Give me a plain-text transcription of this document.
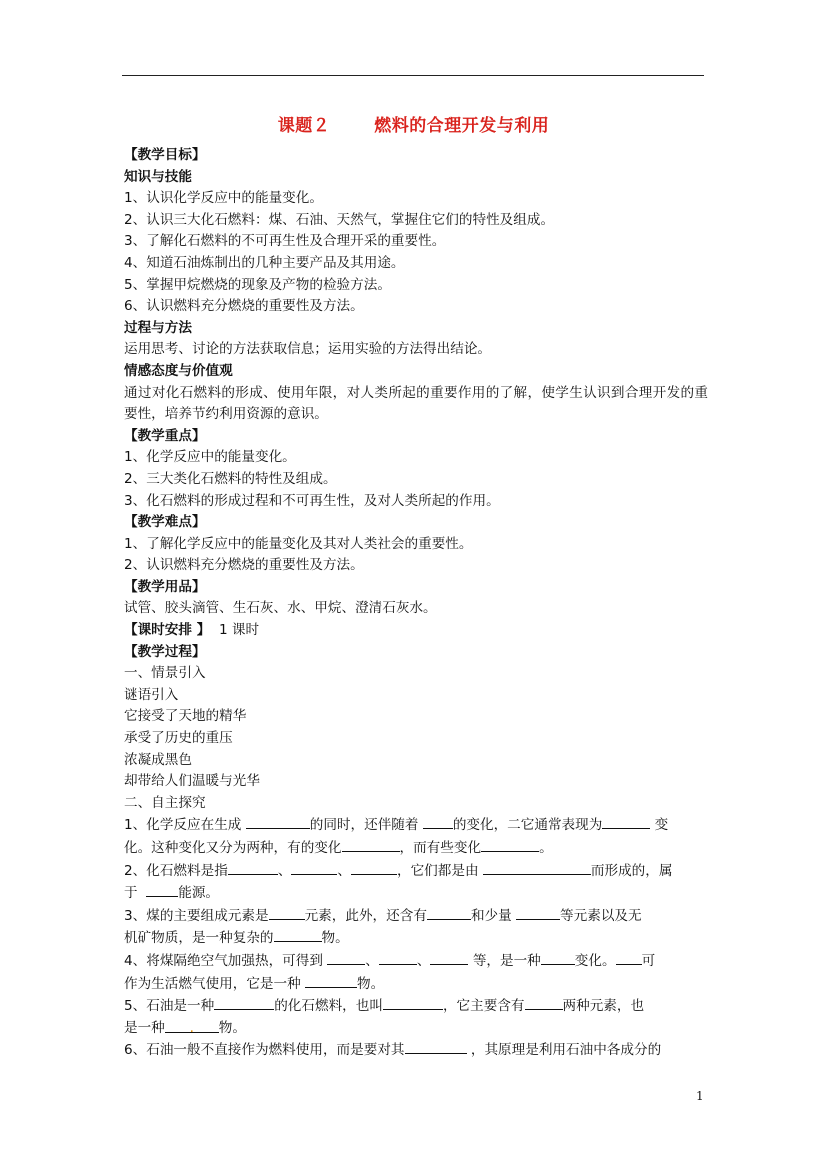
课题２	燃料的合理开发与利用
【教学目标】
知识与技能
1、认识化学反应中的能量变化。
2、认识三大化石燃料：煤、石油、天然气，掌握住它们的特性及组成。
3、了解化石燃料的不可再生性及合理开采的重要性。
4、知道石油炼制出的几种主要产品及其用途。
5、掌握甲烷燃烧的现象及产物的检验方法。
6、认识燃料充分燃烧的重要性及方法。
过程与方法
运用思考、讨论的方法获取信息；运用实验的方法得出结论。
情感态度与价值观
通过对化石燃料的形成、使用年限，对人类所起的重要作用的了解，使学生认识到合理开发的重要性，培养节约利用资源的意识。
【教学重点】
1、化学反应中的能量变化。
2、三大类化石燃料的特性及组成。
3、化石燃料的形成过程和不可再生性，及对人类所起的作用。
【教学难点】
1、了解化学反应中的能量变化及其对人类社会的重要性。
2、认识燃料充分燃烧的重要性及方法。
【教学用品】
试管、胶头滴管、生石灰、水、甲烷、澄清石灰水。
【课时安排 】 1 课时
【教学过程】
一、情景引入
谜语引入
它接受了天地的精华
承受了历史的重压
浓凝成黑色
却带给人们温暖与光华
二、自主探究
1、化学反应在生成	的同时，还伴随着	的变化，二它通常表现为	变
化。这种变化又分为两种，有的变化	，而有些变化	。
2、化石燃料是指	、	、	，它们都是由	而形成的，属
于	能源。
3、煤的主要组成元素是	元素，此外，还含有	和少量	等元素以及无
机矿物质，是一种复杂的	物。
4、将煤隔绝空气加强热，可得到	、	、	等，是一种	变化。 可
作为生活燃气使用，它是一种	物。
5、石油是一种	的化石燃料，也叫	，它主要含有	两种元素，也
是一种 . 物。
6、石油一般不直接作为燃料使用，而是要对其	，其原理是利用石油中各成分的
1
